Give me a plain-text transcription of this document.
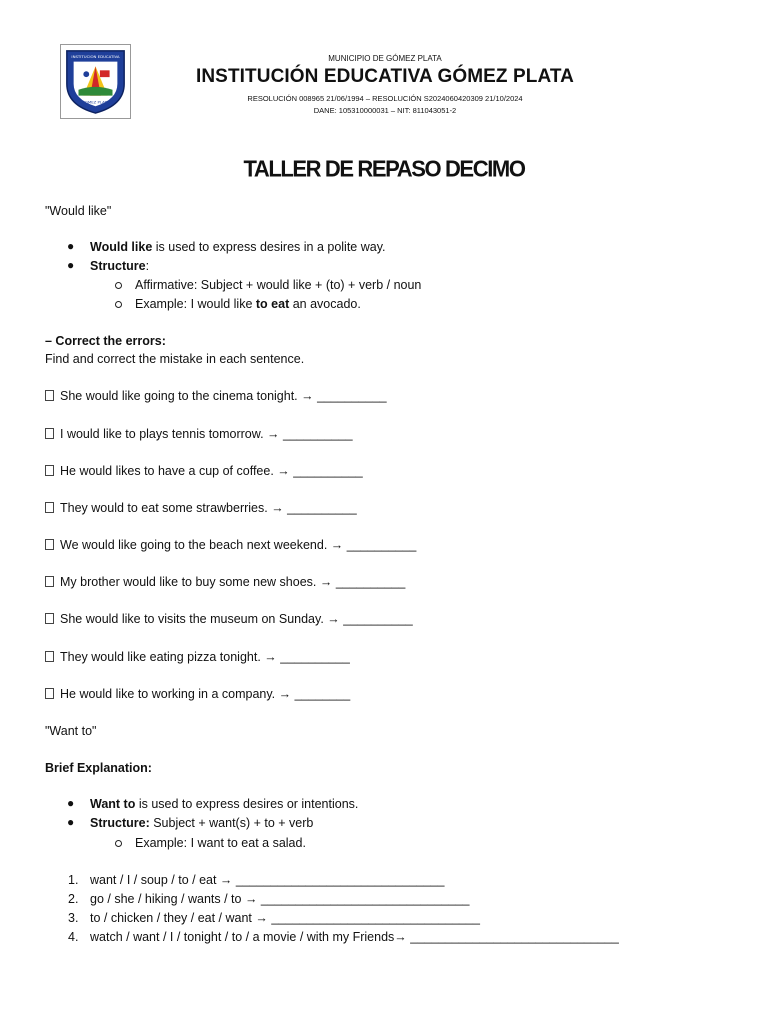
INSTITUCION EDUCATIVA
GOMEZ PLATA
MUNICIPIO DE GÓMEZ PLATA
INSTITUCIÓN EDUCATIVA GÓMEZ PLATA
RESOLUCIÓN 008965 21/06/1994 – RESOLUCIÓN S2024060420309 21/10/2024
DANE: 105310000031 – NIT: 811043051-2
TALLER DE REPASO DECIMO
"Would like"
● Would like is used to express desires in a polite way.
● Structure:
Affirmative: Subject + would like + (to) + verb / noun
Example: I would like to eat an avocado.
– Correct the errors:
Find and correct the mistake in each sentence.
She would like going to the cinema tonight. → __________
I would like to plays tennis tomorrow. → __________
He would likes to have a cup of coffee. → __________
They would to eat some strawberries. → __________
We would like going to the beach next weekend. → __________
My brother would like to buy some new shoes. → __________
She would like to visits the museum on Sunday. → __________
They would like eating pizza tonight. → __________
He would like to working in a company. → ________
"Want to"
Brief Explanation:
● Want to is used to express desires or intentions.
● Structure: Subject + want(s) + to + verb
Example: I want to eat a salad.
1. want / I / soup / to / eat → ______________________________
2. go / she / hiking / wants / to → ______________________________
3. to / chicken / they / eat / want → ______________________________
4. watch / want / I / tonight / to / a movie / with my Friends→ ______________________________
